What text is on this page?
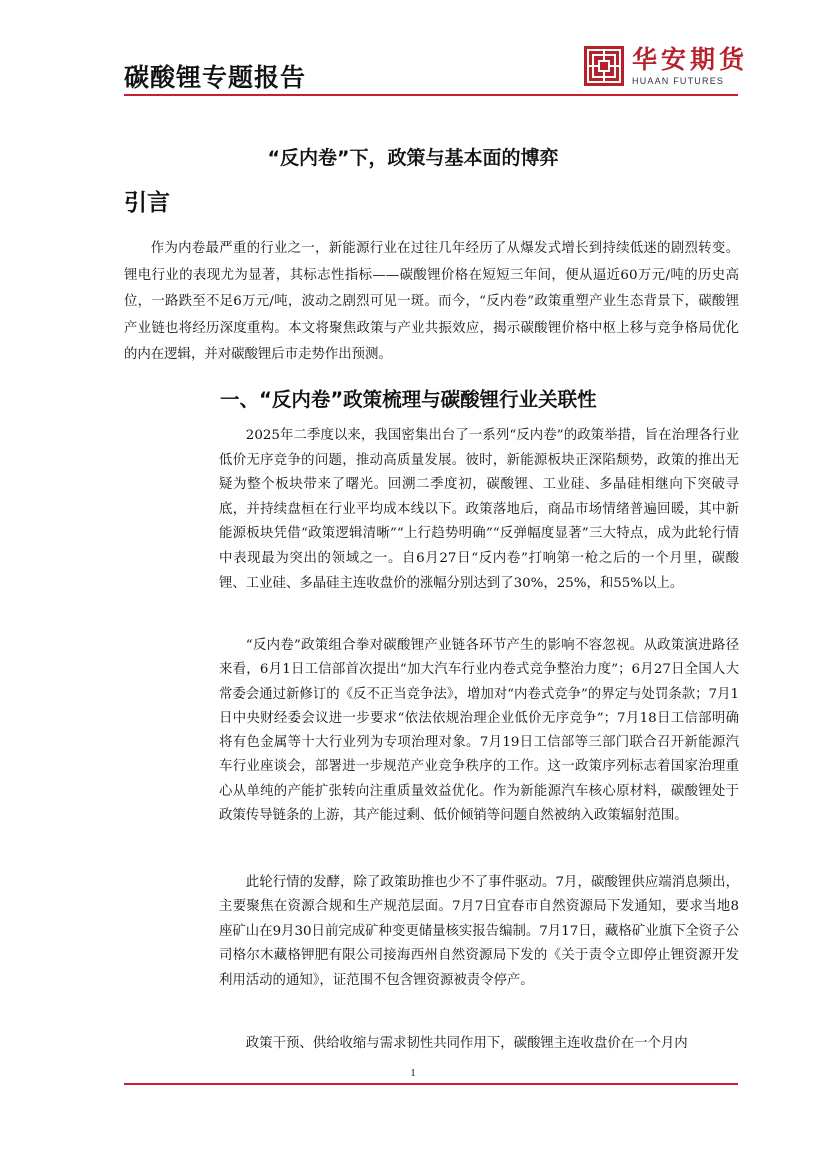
碳酸锂专题报告
华安期货
HUAAN FUTURES
“反内卷”下，政策与基本面的博弈
引言

作为内卷最严重的行业之一，新能源行业在过往几年经历了从爆发式增长到持续低迷的剧烈转变。锂电行业的表现尤为显著，其标志性指标——碳酸锂价格在短短三年间，便从逼近60万元/吨的历史高位，一路跌至不足6万元/吨，波动之剧烈可见一斑。而今，“反内卷”政策重塑产业生态背景下，碳酸锂产业链也将经历深度重构。本文将聚焦政策与产业共振效应，揭示碳酸锂价格中枢上移与竞争格局优化的内在逻辑，并对碳酸锂后市走势作出预测。

一、“反内卷”政策梳理与碳酸锂行业关联性

2025年二季度以来，我国密集出台了一系列“反内卷”的政策举措，旨在治理各行业低价无序竞争的问题，推动高质量发展。彼时，新能源板块正深陷颓势，政策的推出无疑为整个板块带来了曙光。回溯二季度初，碳酸锂、工业硅、多晶硅相继向下突破寻底，并持续盘桓在行业平均成本线以下。政策落地后，商品市场情绪普遍回暖，其中新能源板块凭借“政策逻辑清晰”“上行趋势明确”“反弹幅度显著”三大特点，成为此轮行情中表现最为突出的领域之一。自6月27日“反内卷”打响第一枪之后的一个月里，碳酸锂、工业硅、多晶硅主连收盘价的涨幅分别达到了30%，25%，和55%以上。

“反内卷”政策组合拳对碳酸锂产业链各环节产生的影响不容忽视。从政策演进路径来看，6月1日工信部首次提出“加大汽车行业内卷式竞争整治力度”；6月27日全国人大常委会通过新修订的《反不正当竞争法》，增加对“内卷式竞争”的界定与处罚条款；7月1日中央财经委会议进一步要求“依法依规治理企业低价无序竞争”；7月18日工信部明确将有色金属等十大行业列为专项治理对象。7月19日工信部等三部门联合召开新能源汽车行业座谈会，部署进一步规范产业竞争秩序的工作。这一政策序列标志着国家治理重心从单纯的产能扩张转向注重质量效益优化。作为新能源汽车核心原材料，碳酸锂处于政策传导链条的上游，其产能过剩、低价倾销等问题自然被纳入政策辐射范围。

此轮行情的发酵，除了政策助推也少不了事件驱动。7月，碳酸锂供应端消息频出，主要聚焦在资源合规和生产规范层面。7月7日宜春市自然资源局下发通知，要求当地8座矿山在9月30日前完成矿种变更储量核实报告编制。7月17日，藏格矿业旗下全资子公司格尔木藏格钾肥有限公司接海西州自然资源局下发的《关于责令立即停止锂资源开发利用活动的通知》，证范围不包含锂资源被责令停产。

政策干预、供给收缩与需求韧性共同作用下，碳酸锂主连收盘价在一个月内

1
